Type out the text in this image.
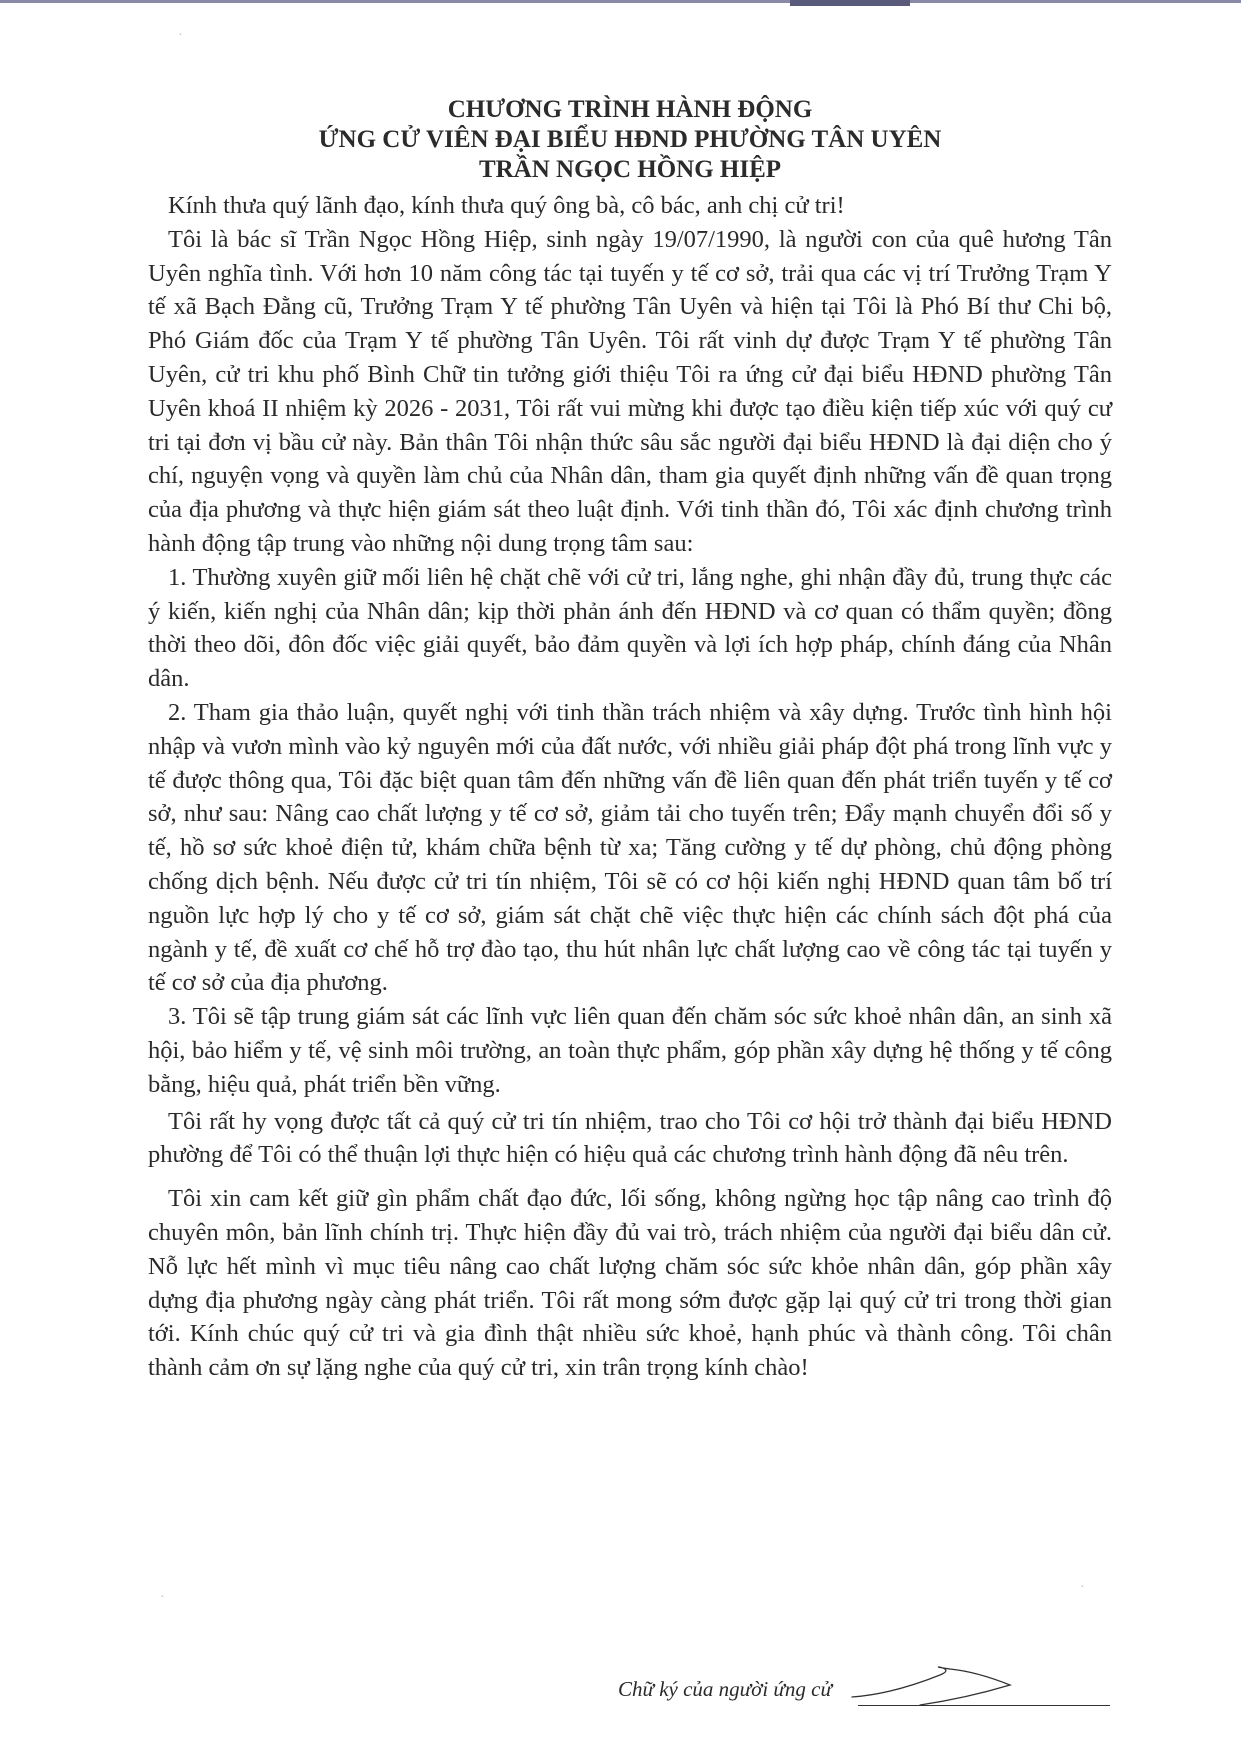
·
·
·

CHƯƠNG TRÌNH HÀNH ĐỘNG

ỨNG CỬ VIÊN ĐẠI BIỂU HĐND PHƯỜNG TÂN UYÊN

TRẦN NGỌC HỒNG HIỆP

Kính thưa quý lãnh đạo, kính thưa quý ông bà, cô bác, anh chị cử tri!

Tôi là bác sĩ Trần Ngọc Hồng Hiệp, sinh ngày 19/07/1990, là người con của quê hương Tân Uyên nghĩa tình. Với hơn 10 năm công tác tại tuyến y tế cơ sở, trải qua các vị trí Trưởng Trạm Y tế xã Bạch Đằng cũ, Trưởng Trạm Y tế phường Tân Uyên và hiện tại Tôi là Phó Bí thư Chi bộ, Phó Giám đốc của Trạm Y tế phường Tân Uyên. Tôi rất vinh dự được Trạm Y tế phường Tân Uyên, cử tri khu phố Bình Chữ tin tưởng giới thiệu Tôi ra ứng cử đại biểu HĐND phường Tân Uyên khoá II nhiệm kỳ 2026 - 2031, Tôi rất vui mừng khi được tạo điều kiện tiếp xúc với quý cư tri tại đơn vị bầu cử này. Bản thân Tôi nhận thức sâu sắc người đại biểu HĐND là đại diện cho ý chí, nguyện vọng và quyền làm chủ của Nhân dân, tham gia quyết định những vấn đề quan trọng của địa phương và thực hiện giám sát theo luật định. Với tinh thần đó, Tôi xác định chương trình hành động tập trung vào những nội dung trọng tâm sau:

1. Thường xuyên giữ mối liên hệ chặt chẽ với cử tri, lắng nghe, ghi nhận đầy đủ, trung thực các ý kiến, kiến nghị của Nhân dân; kịp thời phản ánh đến HĐND và cơ quan có thẩm quyền; đồng thời theo dõi, đôn đốc việc giải quyết, bảo đảm quyền và lợi ích hợp pháp, chính đáng của Nhân dân.

2. Tham gia thảo luận, quyết nghị với tinh thần trách nhiệm và xây dựng. Trước tình hình hội nhập và vươn mình vào kỷ nguyên mới của đất nước, với nhiều giải pháp đột phá trong lĩnh vực y tế được thông qua, Tôi đặc biệt quan tâm đến những vấn đề liên quan đến phát triển tuyến y tế cơ sở, như sau: Nâng cao chất lượng y tế cơ sở, giảm tải cho tuyến trên; Đẩy mạnh chuyển đổi số y tế, hồ sơ sức khoẻ điện tử, khám chữa bệnh từ xa; Tăng cường y tế dự phòng, chủ động phòng chống dịch bệnh. Nếu được cử tri tín nhiệm, Tôi sẽ có cơ hội kiến nghị HĐND quan tâm bố trí nguồn lực hợp lý cho y tế cơ sở, giám sát chặt chẽ việc thực hiện các chính sách đột phá của ngành y tế, đề xuất cơ chế hỗ trợ đào tạo, thu hút nhân lực chất lượng cao về công tác tại tuyến y tế cơ sở của địa phương.

3. Tôi sẽ tập trung giám sát các lĩnh vực liên quan đến chăm sóc sức khoẻ nhân dân, an sinh xã hội, bảo hiểm y tế, vệ sinh môi trường, an toàn thực phẩm, góp phần xây dựng hệ thống y tế công bằng, hiệu quả, phát triển bền vững.

Tôi rất hy vọng được tất cả quý cử tri tín nhiệm, trao cho Tôi cơ hội trở thành đại biểu HĐND phường để Tôi có thể thuận lợi thực hiện có hiệu quả các chương trình hành động đã nêu trên.

Tôi xin cam kết giữ gìn phẩm chất đạo đức, lối sống, không ngừng học tập nâng cao trình độ chuyên môn, bản lĩnh chính trị. Thực hiện đầy đủ vai trò, trách nhiệm của người đại biểu dân cử. Nỗ lực hết mình vì mục tiêu nâng cao chất lượng chăm sóc sức khỏe nhân dân, góp phần xây dựng địa phương ngày càng phát triển. Tôi rất mong sớm được gặp lại quý cử tri trong thời gian tới. Kính chúc quý cử tri và gia đình thật nhiều sức khoẻ, hạnh phúc và thành công. Tôi chân thành cảm ơn sự lặng nghe của quý cử tri, xin trân trọng kính chào!

Chữ ký của người ứng cử
